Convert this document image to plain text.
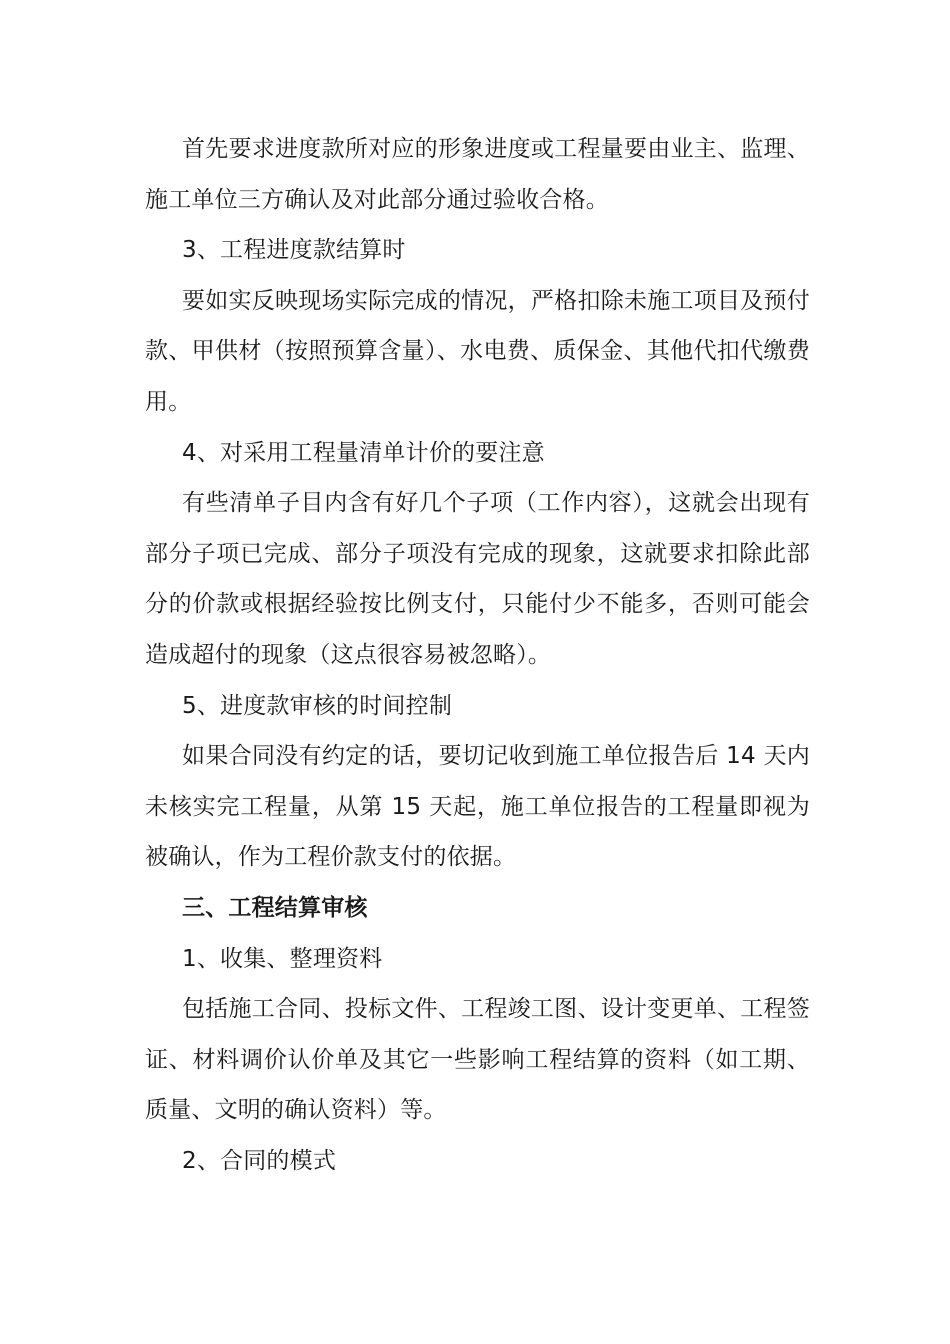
首先要求进度款所对应的形象进度或工程量要由业主、监理、施工单位三方确认及对此部分通过验收合格。

3、工程进度款结算时

要如实反映现场实际完成的情况，严格扣除未施工项目及预付款、甲供材（按照预算含量）、水电费、质保金、其他代扣代缴费用。

4、对采用工程量清单计价的要注意

有些清单子目内含有好几个子项（工作内容），这就会出现有部分子项已完成、部分子项没有完成的现象，这就要求扣除此部分的价款或根据经验按比例支付，只能付少不能多，否则可能会造成超付的现象（这点很容易被忽略）。

5、进度款审核的时间控制

如果合同没有约定的话，要切记收到施工单位报告后 14 天内未核实完工程量，从第 15 天起，施工单位报告的工程量即视为被确认，作为工程价款支付的依据。

三、工程结算审核

1、收集、整理资料

包括施工合同、投标文件、工程竣工图、设计变更单、工程签证、材料调价认价单及其它一些影响工程结算的资料（如工期、质量、文明的确认资料）等。

2、合同的模式
